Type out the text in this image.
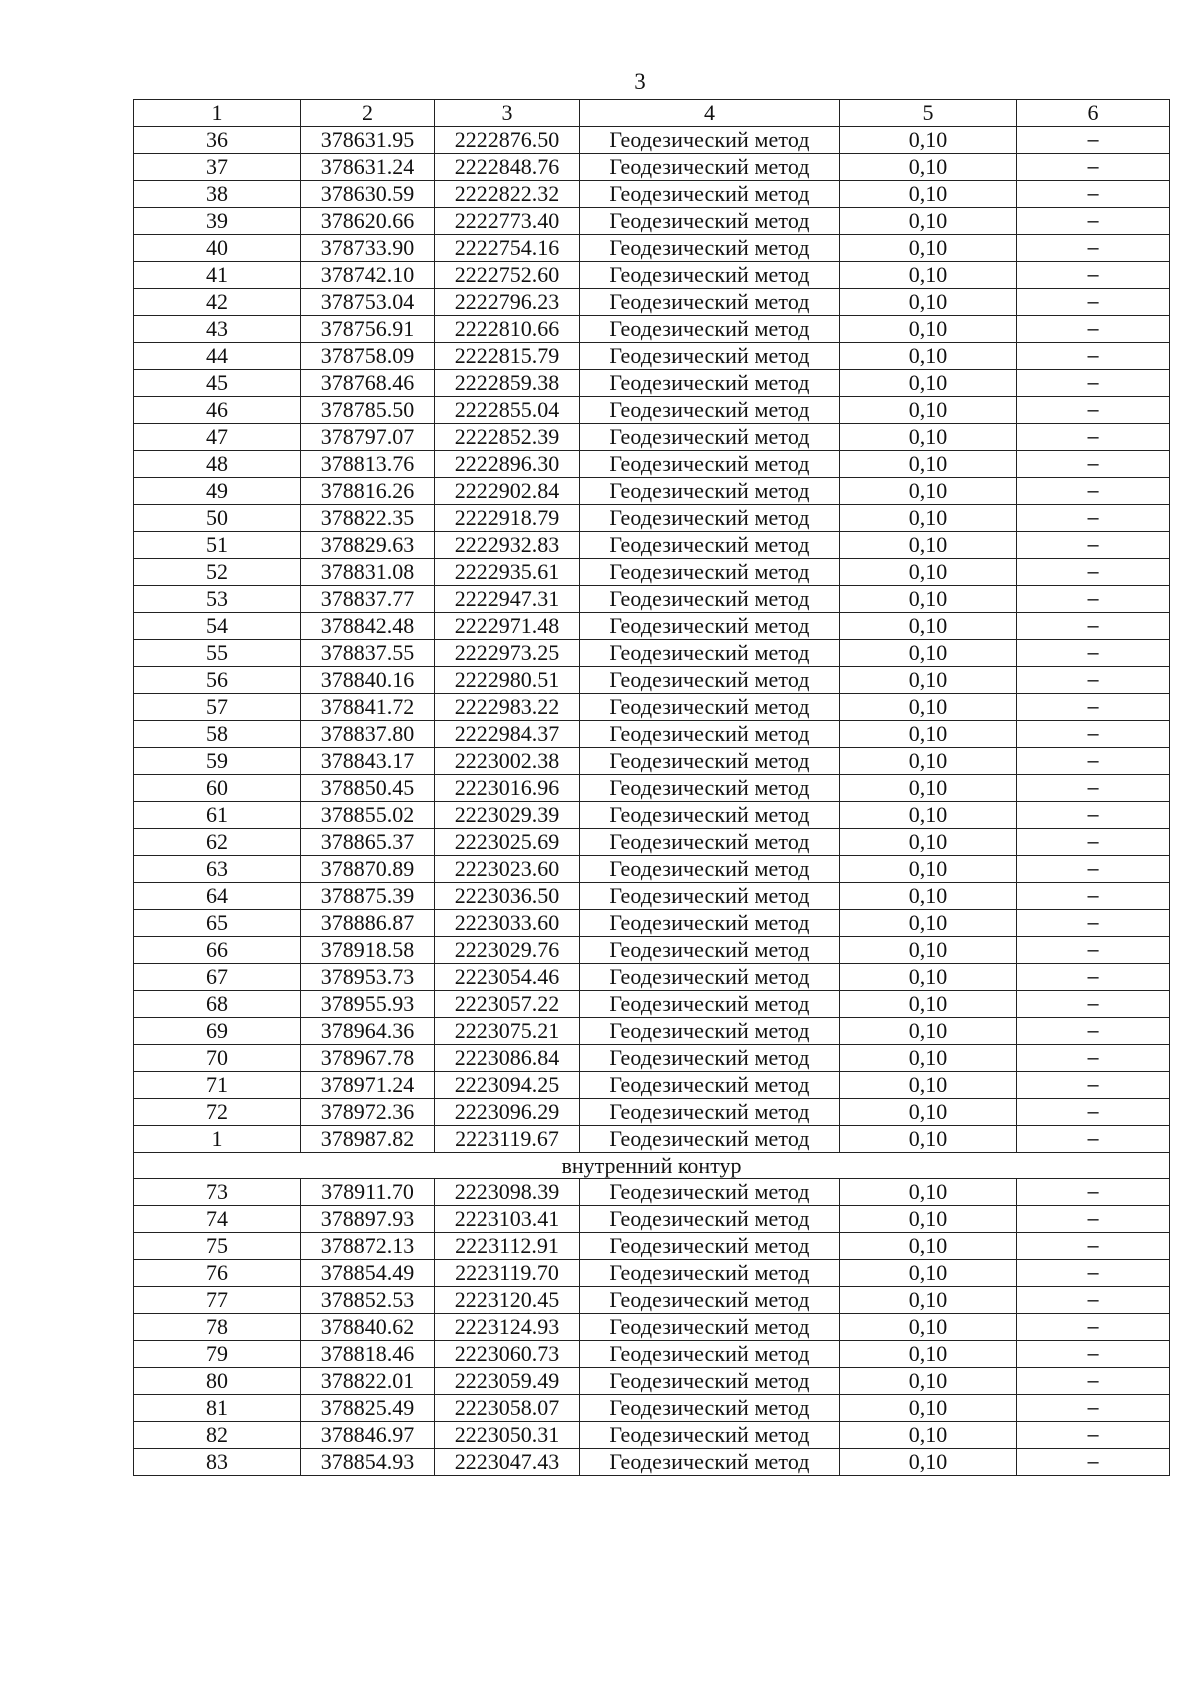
3
1	2	3	4	5	6
36	378631.95	2222876.50	Геодезический метод	0,10	–
37	378631.24	2222848.76	Геодезический метод	0,10	–
38	378630.59	2222822.32	Геодезический метод	0,10	–
39	378620.66	2222773.40	Геодезический метод	0,10	–
40	378733.90	2222754.16	Геодезический метод	0,10	–
41	378742.10	2222752.60	Геодезический метод	0,10	–
42	378753.04	2222796.23	Геодезический метод	0,10	–
43	378756.91	2222810.66	Геодезический метод	0,10	–
44	378758.09	2222815.79	Геодезический метод	0,10	–
45	378768.46	2222859.38	Геодезический метод	0,10	–
46	378785.50	2222855.04	Геодезический метод	0,10	–
47	378797.07	2222852.39	Геодезический метод	0,10	–
48	378813.76	2222896.30	Геодезический метод	0,10	–
49	378816.26	2222902.84	Геодезический метод	0,10	–
50	378822.35	2222918.79	Геодезический метод	0,10	–
51	378829.63	2222932.83	Геодезический метод	0,10	–
52	378831.08	2222935.61	Геодезический метод	0,10	–
53	378837.77	2222947.31	Геодезический метод	0,10	–
54	378842.48	2222971.48	Геодезический метод	0,10	–
55	378837.55	2222973.25	Геодезический метод	0,10	–
56	378840.16	2222980.51	Геодезический метод	0,10	–
57	378841.72	2222983.22	Геодезический метод	0,10	–
58	378837.80	2222984.37	Геодезический метод	0,10	–
59	378843.17	2223002.38	Геодезический метод	0,10	–
60	378850.45	2223016.96	Геодезический метод	0,10	–
61	378855.02	2223029.39	Геодезический метод	0,10	–
62	378865.37	2223025.69	Геодезический метод	0,10	–
63	378870.89	2223023.60	Геодезический метод	0,10	–
64	378875.39	2223036.50	Геодезический метод	0,10	–
65	378886.87	2223033.60	Геодезический метод	0,10	–
66	378918.58	2223029.76	Геодезический метод	0,10	–
67	378953.73	2223054.46	Геодезический метод	0,10	–
68	378955.93	2223057.22	Геодезический метод	0,10	–
69	378964.36	2223075.21	Геодезический метод	0,10	–
70	378967.78	2223086.84	Геодезический метод	0,10	–
71	378971.24	2223094.25	Геодезический метод	0,10	–
72	378972.36	2223096.29	Геодезический метод	0,10	–
1	378987.82	2223119.67	Геодезический метод	0,10	–
внутренний контур					
73	378911.70	2223098.39	Геодезический метод	0,10	–
74	378897.93	2223103.41	Геодезический метод	0,10	–
75	378872.13	2223112.91	Геодезический метод	0,10	–
76	378854.49	2223119.70	Геодезический метод	0,10	–
77	378852.53	2223120.45	Геодезический метод	0,10	–
78	378840.62	2223124.93	Геодезический метод	0,10	–
79	378818.46	2223060.73	Геодезический метод	0,10	–
80	378822.01	2223059.49	Геодезический метод	0,10	–
81	378825.49	2223058.07	Геодезический метод	0,10	–
82	378846.97	2223050.31	Геодезический метод	0,10	–
83	378854.93	2223047.43	Геодезический метод	0,10	–
